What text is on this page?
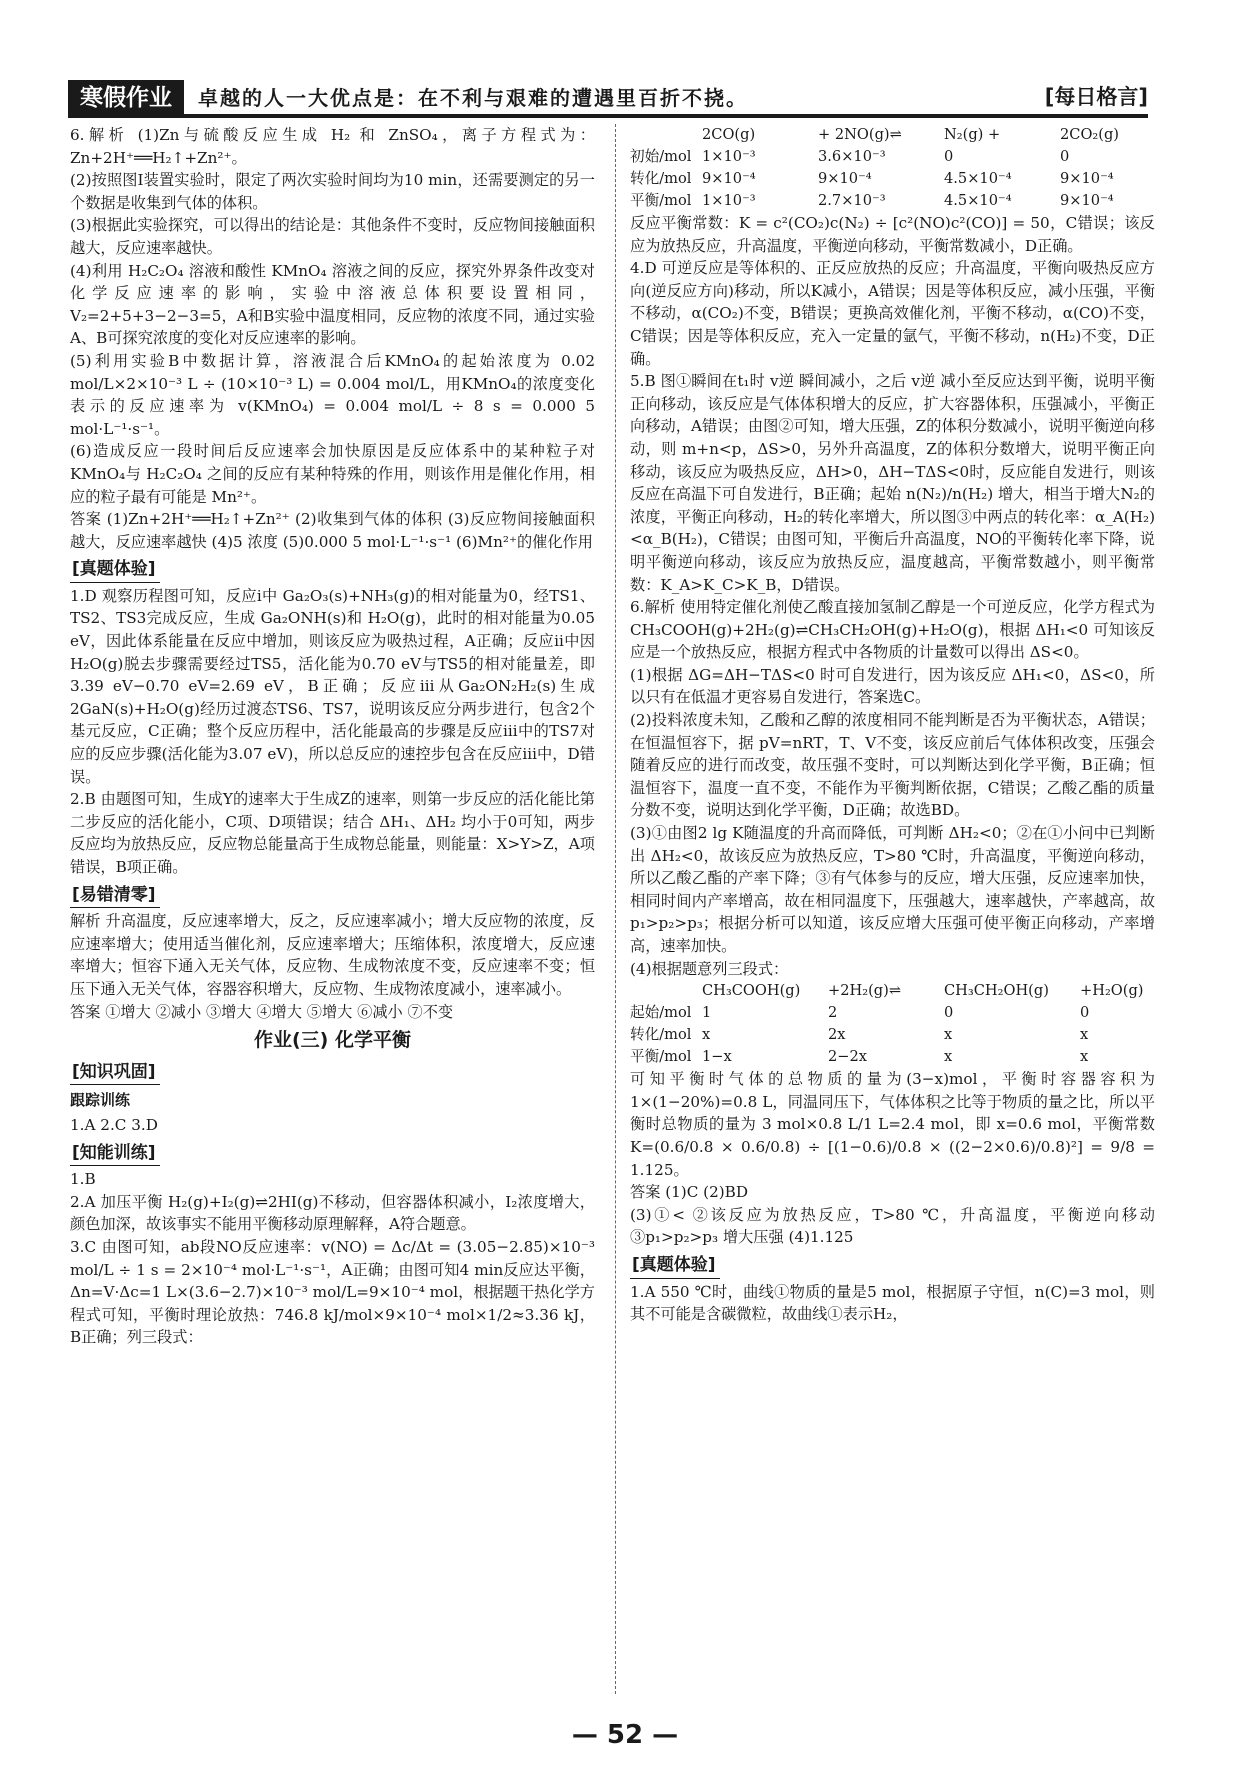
寒假作业	卓越的人一大优点是：在不利与艰难的遭遇里百折不挠。	[每日格言]

6.解析 (1)Zn与硫酸反应生成 H₂ 和 ZnSO₄，离子方程式为：Zn+2H⁺══H₂↑+Zn²⁺。

(2)按照图Ⅰ装置实验时，限定了两次实验时间均为10 min，还需要测定的另一个数据是收集到气体的体积。

(3)根据此实验探究，可以得出的结论是：其他条件不变时，反应物间接触面积越大，反应速率越快。

(4)利用 H₂C₂O₄ 溶液和酸性 KMnO₄ 溶液之间的反应，探究外界条件改变对化学反应速率的影响，实验中溶液总体积要设置相同，V₂=2+5+3−2−3=5，A和B实验中温度相同，反应物的浓度不同，通过实验A、B可探究浓度的变化对反应速率的影响。

(5)利用实验B中数据计算，溶液混合后KMnO₄的起始浓度为 0.02 mol/L×2×10⁻³ L ÷ (10×10⁻³ L) = 0.004 mol/L，用KMnO₄的浓度变化表示的反应速率为 v(KMnO₄) = 0.004 mol/L ÷ 8 s = 0.000 5 mol·L⁻¹·s⁻¹。

(6)造成反应一段时间后反应速率会加快原因是反应体系中的某种粒子对KMnO₄与 H₂C₂O₄ 之间的反应有某种特殊的作用，则该作用是催化作用，相应的粒子最有可能是 Mn²⁺。

答案 (1)Zn+2H⁺══H₂↑+Zn²⁺ (2)收集到气体的体积 (3)反应物间接触面积越大，反应速率越快 (4)5 浓度 (5)0.000 5 mol·L⁻¹·s⁻¹ (6)Mn²⁺的催化作用

[ 真题体验 ]

1.D 观察历程图可知，反应ⅰ中 Ga₂O₃(s)+NH₃(g)的相对能量为0，经TS1、TS2、TS3完成反应，生成 Ga₂ONH(s)和 H₂O(g)，此时的相对能量为0.05 eV，因此体系能量在反应中增加，则该反应为吸热过程，A正确；反应ⅱ中因 H₂O(g)脱去步骤需要经过TS5，活化能为0.70 eV与TS5的相对能量差，即3.39 eV−0.70 eV=2.69 eV，B正确；反应ⅲ从Ga₂ON₂H₂(s)生成2GaN(s)+H₂O(g)经历过渡态TS6、TS7，说明该反应分两步进行，包含2个基元反应，C正确；整个反应历程中，活化能最高的步骤是反应ⅲ中的TS7对应的反应步骤(活化能为3.07 eV)，所以总反应的速控步包含在反应ⅲ中，D错误。

2.B 由题图可知，生成Y的速率大于生成Z的速率，则第一步反应的活化能比第二步反应的活化能小，C项、D项错误；结合 ΔH₁、ΔH₂ 均小于0可知，两步反应均为放热反应，反应物总能量高于生成物总能量，则能量：X>Y>Z，A项错误，B项正确。

[ 易错清零 ]

解析 升高温度，反应速率增大，反之，反应速率减小；增大反应物的浓度，反应速率增大；使用适当催化剂，反应速率增大；压缩体积，浓度增大，反应速率增大；恒容下通入无关气体，反应物、生成物浓度不变，反应速率不变；恒压下通入无关气体，容器容积增大，反应物、生成物浓度减小，速率减小。

答案 ①增大 ②减小 ③增大 ④增大 ⑤增大 ⑥减小 ⑦不变

作业(三) 化学平衡
[ 知识巩固 ]
跟踪训练

1.A 2.C 3.D

[ 知能训练 ]

1.B

2.A 加压平衡 H₂(g)+I₂(g)⇌2HI(g)不移动，但容器体积减小，I₂浓度增大，颜色加深，故该事实不能用平衡移动原理解释，A符合题意。

3.C 由图可知，ab段NO反应速率：v(NO) = Δc/Δt = (3.05−2.85)×10⁻³ mol/L ÷ 1 s = 2×10⁻⁴ mol·L⁻¹·s⁻¹，A正确；由图可知4 min反应达平衡，Δn=V·Δc=1 L×(3.6−2.7)×10⁻³ mol/L=9×10⁻⁴ mol，根据题干热化学方程式可知，平衡时理论放热：746.8 kJ/mol×9×10⁻⁴ mol×1/2≈3.36 kJ，B正确；列三段式：

2CO(g)	+ 2NO(g)⇌	N₂(g) +	2CO₂(g)
初始/mol 1×10⁻³	3.6×10⁻³	0	0
转化/mol 9×10⁻⁴	9×10⁻⁴	4.5×10⁻⁴	9×10⁻⁴
平衡/mol 1×10⁻³	2.7×10⁻³	4.5×10⁻⁴	9×10⁻⁴

反应平衡常数：K = c²(CO₂)c(N₂) ÷ [c²(NO)c²(CO)] = 50，C错误；该反应为放热反应，升高温度，平衡逆向移动，平衡常数减小，D正确。

4.D 可逆反应是等体积的、正反应放热的反应；升高温度，平衡向吸热反应方向(逆反应方向)移动，所以K减小，A错误；因是等体积反应，减小压强，平衡不移动，α(CO₂)不变，B错误；更换高效催化剂，平衡不移动，α(CO)不变，C错误；因是等体积反应，充入一定量的氩气，平衡不移动，n(H₂)不变，D正确。

5.B 图①瞬间在t₁时 v逆 瞬间减小，之后 v逆 减小至反应达到平衡，说明平衡正向移动，该反应是气体体积增大的反应，扩大容器体积，压强减小，平衡正向移动，A错误；由图②可知，增大压强，Z的体积分数减小，说明平衡逆向移动，则 m+n<p，ΔS>0，另外升高温度，Z的体积分数增大，说明平衡正向移动，该反应为吸热反应，ΔH>0，ΔH−TΔS<0时，反应能自发进行，则该反应在高温下可自发进行，B正确；起始 n(N₂)/n(H₂) 增大，相当于增大N₂的浓度，平衡正向移动，H₂的转化率增大，所以图③中两点的转化率：α_A(H₂)<α_B(H₂)，C错误；由图可知，平衡后升高温度，NO的平衡转化率下降，说明平衡逆向移动，该反应为放热反应，温度越高，平衡常数越小，则平衡常数：K_A>K_C>K_B，D错误。

6.解析 使用特定催化剂使乙酸直接加氢制乙醇是一个可逆反应，化学方程式为 CH₃COOH(g)+2H₂(g)⇌CH₃CH₂OH(g)+H₂O(g)，根据 ΔH₁<0 可知该反应是一个放热反应，根据方程式中各物质的计量数可以得出 ΔS<0。

(1)根据 ΔG=ΔH−TΔS<0 时可自发进行，因为该反应 ΔH₁<0，ΔS<0，所以只有在低温才更容易自发进行，答案选C。

(2)投料浓度未知，乙酸和乙醇的浓度相同不能判断是否为平衡状态，A错误；在恒温恒容下，据 pV=nRT，T、V不变，该反应前后气体体积改变，压强会随着反应的进行而改变，故压强不变时，可以判断达到化学平衡，B正确；恒温恒容下，温度一直不变，不能作为平衡判断依据，C错误；乙酸乙酯的质量分数不变，说明达到化学平衡，D正确；故选BD。

(3)①由图2 lg K随温度的升高而降低，可判断 ΔH₂<0；②在①小问中已判断出 ΔH₂<0，故该反应为放热反应，T>80 ℃时，升高温度，平衡逆向移动，所以乙酸乙酯的产率下降；③有气体参与的反应，增大压强，反应速率加快，相同时间内产率增高，故在相同温度下，压强越大，速率越快，产率越高，故 p₁>p₂>p₃；根据分析可以知道，该反应增大压强可使平衡正向移动，产率增高，速率加快。

(4)根据题意列三段式：

CH₃COOH(g)	+2H₂(g)⇌	CH₃CH₂OH(g)	+H₂O(g)
起始/mol 1	2	0	0
转化/mol x	2x	x	x
平衡/mol 1−x	2−2x	x	x

可知平衡时气体的总物质的量为(3−x)mol，平衡时容器容积为1×(1−20%)=0.8 L，同温同压下，气体体积之比等于物质的量之比，所以平衡时总物质的量为 3 mol×0.8 L/1 L=2.4 mol，即 x=0.6 mol，平衡常数 K=(0.6/0.8 × 0.6/0.8) ÷ [(1−0.6)/0.8 × ((2−2×0.6)/0.8)²] = 9/8 = 1.125。

答案 (1)C (2)BD

(3)①< ②该反应为放热反应，T>80 ℃，升高温度，平衡逆向移动 ③p₁>p₂>p₃ 增大压强 (4)1.125

[ 真题体验 ]

1.A 550 ℃时，曲线①物质的量是5 mol，根据原子守恒，n(C)=3 mol，则其不可能是含碳微粒，故曲线①表示H₂，

— 52 —
